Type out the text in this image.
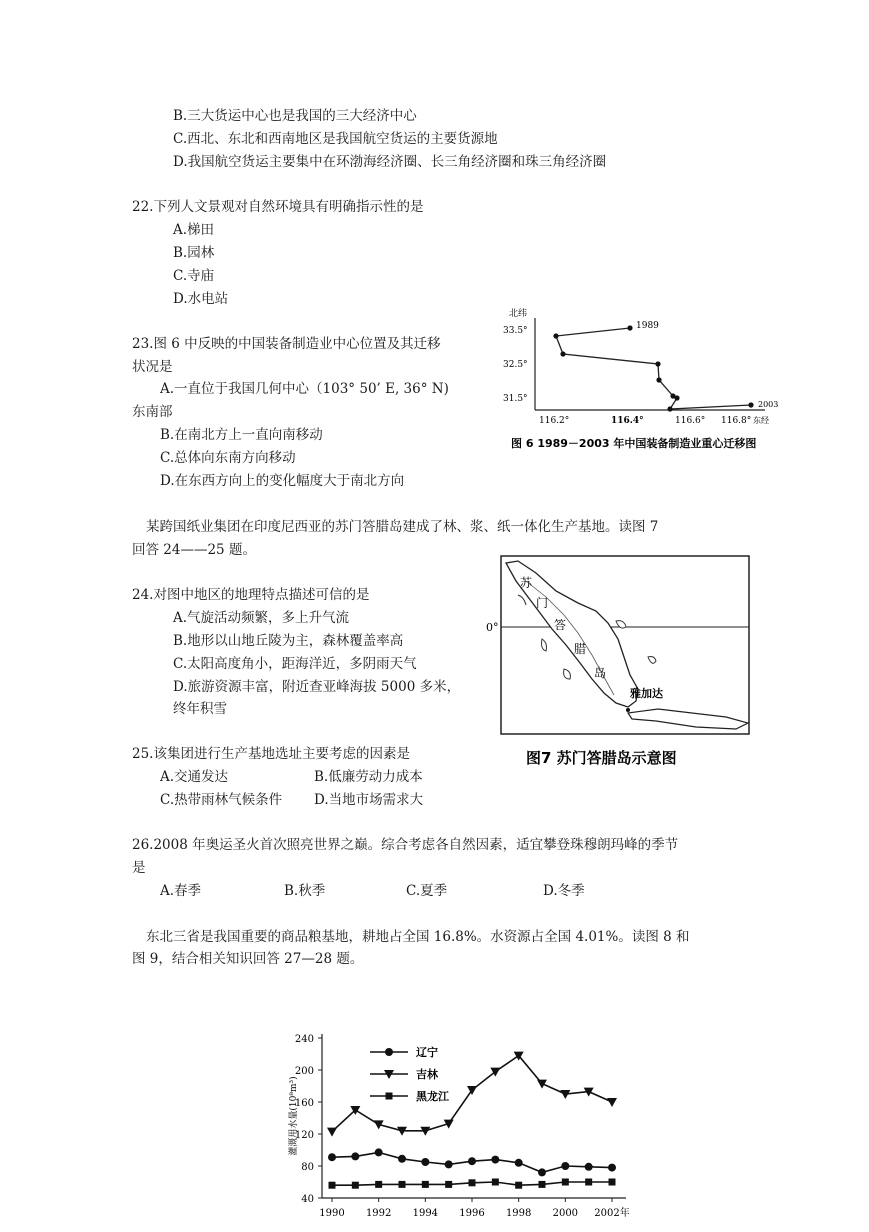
B.三大货运中心也是我国的三大经济中心
C.西北、东北和西南地区是我国航空货运的主要货源地
D.我国航空货运主要集中在环渤海经济圈、长三角经济圈和珠三角经济圈
22.下列人文景观对自然环境具有明确指示性的是
A.梯田
B.园林
C.寺庙
D.水电站
23.图 6 中反映的中国装备制造业中心位置及其迁移
状况是
A.一直位于我国几何中心（103° 50’ E, 36° N)
东南部
B.在南北方上一直向南移动
C.总体向东南方向移动
D.在东西方向上的变化幅度大于南北方向
某跨国纸业集团在印度尼西亚的苏门答腊岛建成了林、浆、纸一体化生产基地。读图 7
回答 24——25 题。
24.对图中地区的地理特点描述可信的是
A.气旋活动频繁，多上升气流
B.地形以山地丘陵为主，森林覆盖率高
C.太阳高度角小，距海洋近，多阴雨天气
D.旅游资源丰富，附近查亚峰海拔 5000 多米，
终年积雪
25.该集团进行生产基地选址主要考虑的因素是
A.交通发达	B.低廉劳动力成本
C.热带雨林气候条件 D.当地市场需求大
26.2008 年奥运圣火首次照亮世界之巅。综合考虑各自然因素，适宜攀登珠穆朗玛峰的季节
是
A.春季	B.秋季	C.夏季	D.冬季
东北三省是我国重要的商品粮基地，耕地占全国 16.8%。水资源占全国 4.01%。读图 8 和
图 9，结合相关知识回答 27—28 题。
北纬
33.5°
32.5°
31.5°
116.2°	116.4°	116.6° 116.8° 东经
1989
2003
图 6 1989－2003 年中国装备制造业重心迁移图
0°
苏
门
答
腊
岛
雅加达
图7 苏门答腊岛示意图
灌溉用水量(10⁸m³)
240
200
160
120
80
40
1990 1992 1994 1996 1998 2000 2002年
辽宁
吉林
黑龙江
